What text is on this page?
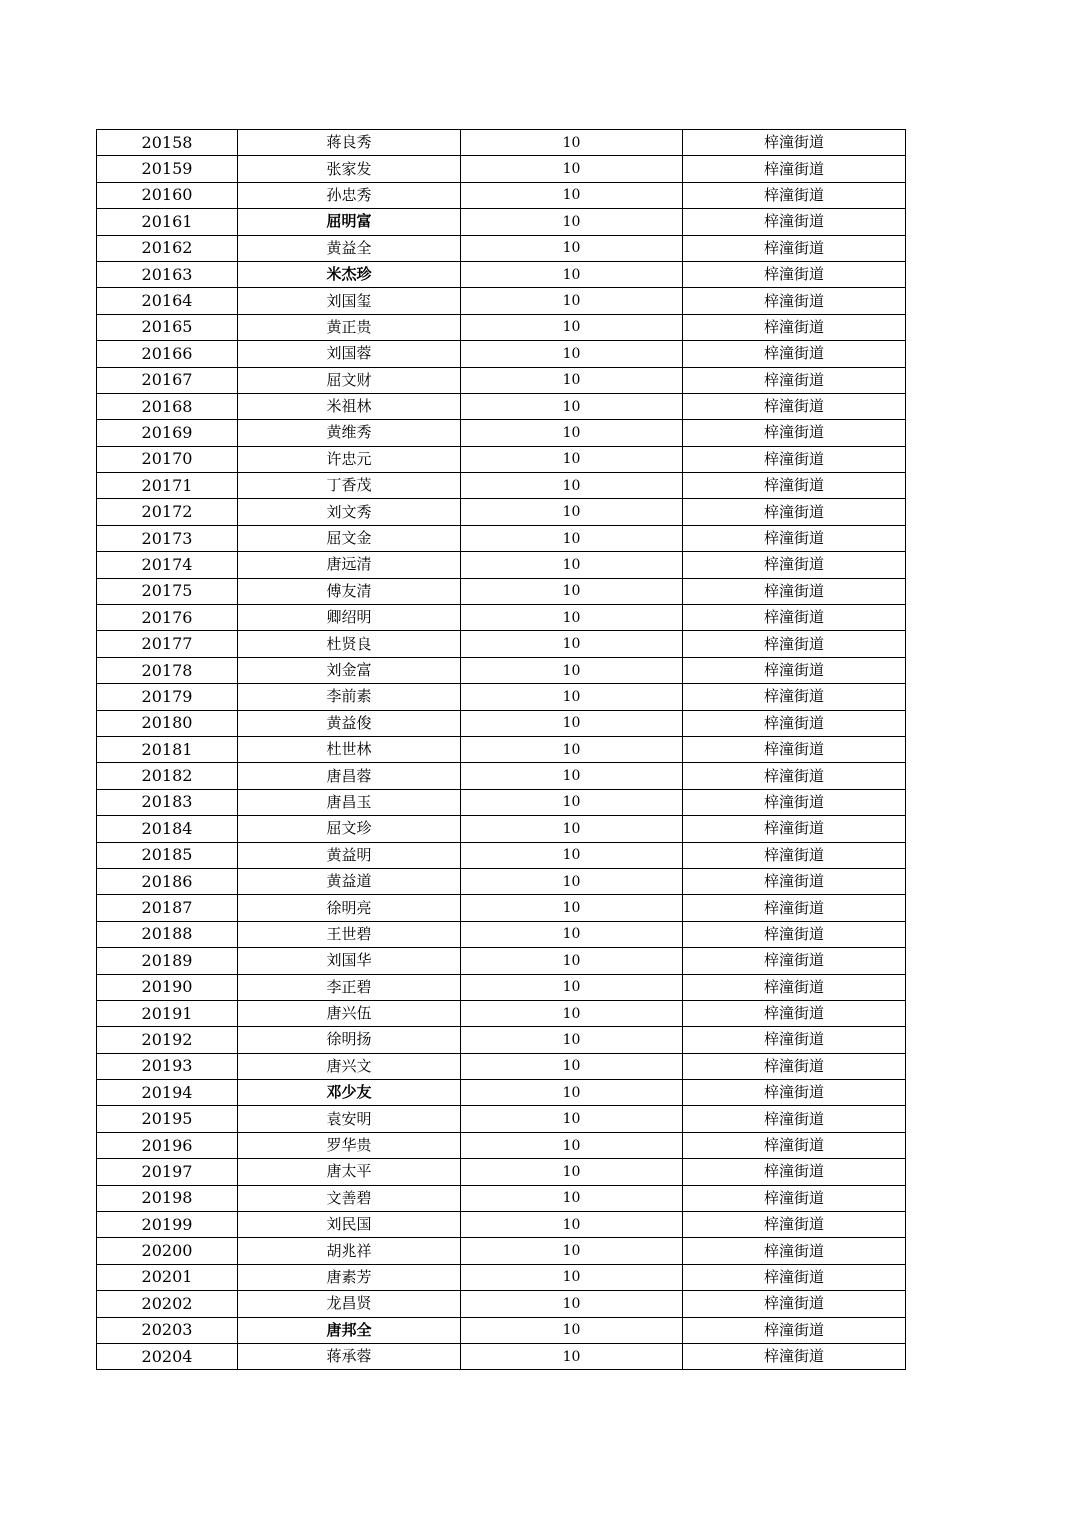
20158	蒋良秀	10	梓潼街道
20159	张家发	10	梓潼街道
20160	孙忠秀	10	梓潼街道
20161	屈明富	10	梓潼街道
20162	黄益全	10	梓潼街道
20163	米杰珍	10	梓潼街道
20164	刘国玺	10	梓潼街道
20165	黄正贵	10	梓潼街道
20166	刘国蓉	10	梓潼街道
20167	屈文财	10	梓潼街道
20168	米祖林	10	梓潼街道
20169	黄维秀	10	梓潼街道
20170	许忠元	10	梓潼街道
20171	丁香茂	10	梓潼街道
20172	刘文秀	10	梓潼街道
20173	屈文金	10	梓潼街道
20174	唐远清	10	梓潼街道
20175	傅友清	10	梓潼街道
20176	卿绍明	10	梓潼街道
20177	杜贤良	10	梓潼街道
20178	刘金富	10	梓潼街道
20179	李前素	10	梓潼街道
20180	黄益俊	10	梓潼街道
20181	杜世林	10	梓潼街道
20182	唐昌蓉	10	梓潼街道
20183	唐昌玉	10	梓潼街道
20184	屈文珍	10	梓潼街道
20185	黄益明	10	梓潼街道
20186	黄益道	10	梓潼街道
20187	徐明亮	10	梓潼街道
20188	王世碧	10	梓潼街道
20189	刘国华	10	梓潼街道
20190	李正碧	10	梓潼街道
20191	唐兴伍	10	梓潼街道
20192	徐明扬	10	梓潼街道
20193	唐兴文	10	梓潼街道
20194	邓少友	10	梓潼街道
20195	袁安明	10	梓潼街道
20196	罗华贵	10	梓潼街道
20197	唐太平	10	梓潼街道
20198	文善碧	10	梓潼街道
20199	刘民国	10	梓潼街道
20200	胡兆祥	10	梓潼街道
20201	唐素芳	10	梓潼街道
20202	龙昌贤	10	梓潼街道
20203	唐邦全	10	梓潼街道
20204	蒋承蓉	10	梓潼街道
